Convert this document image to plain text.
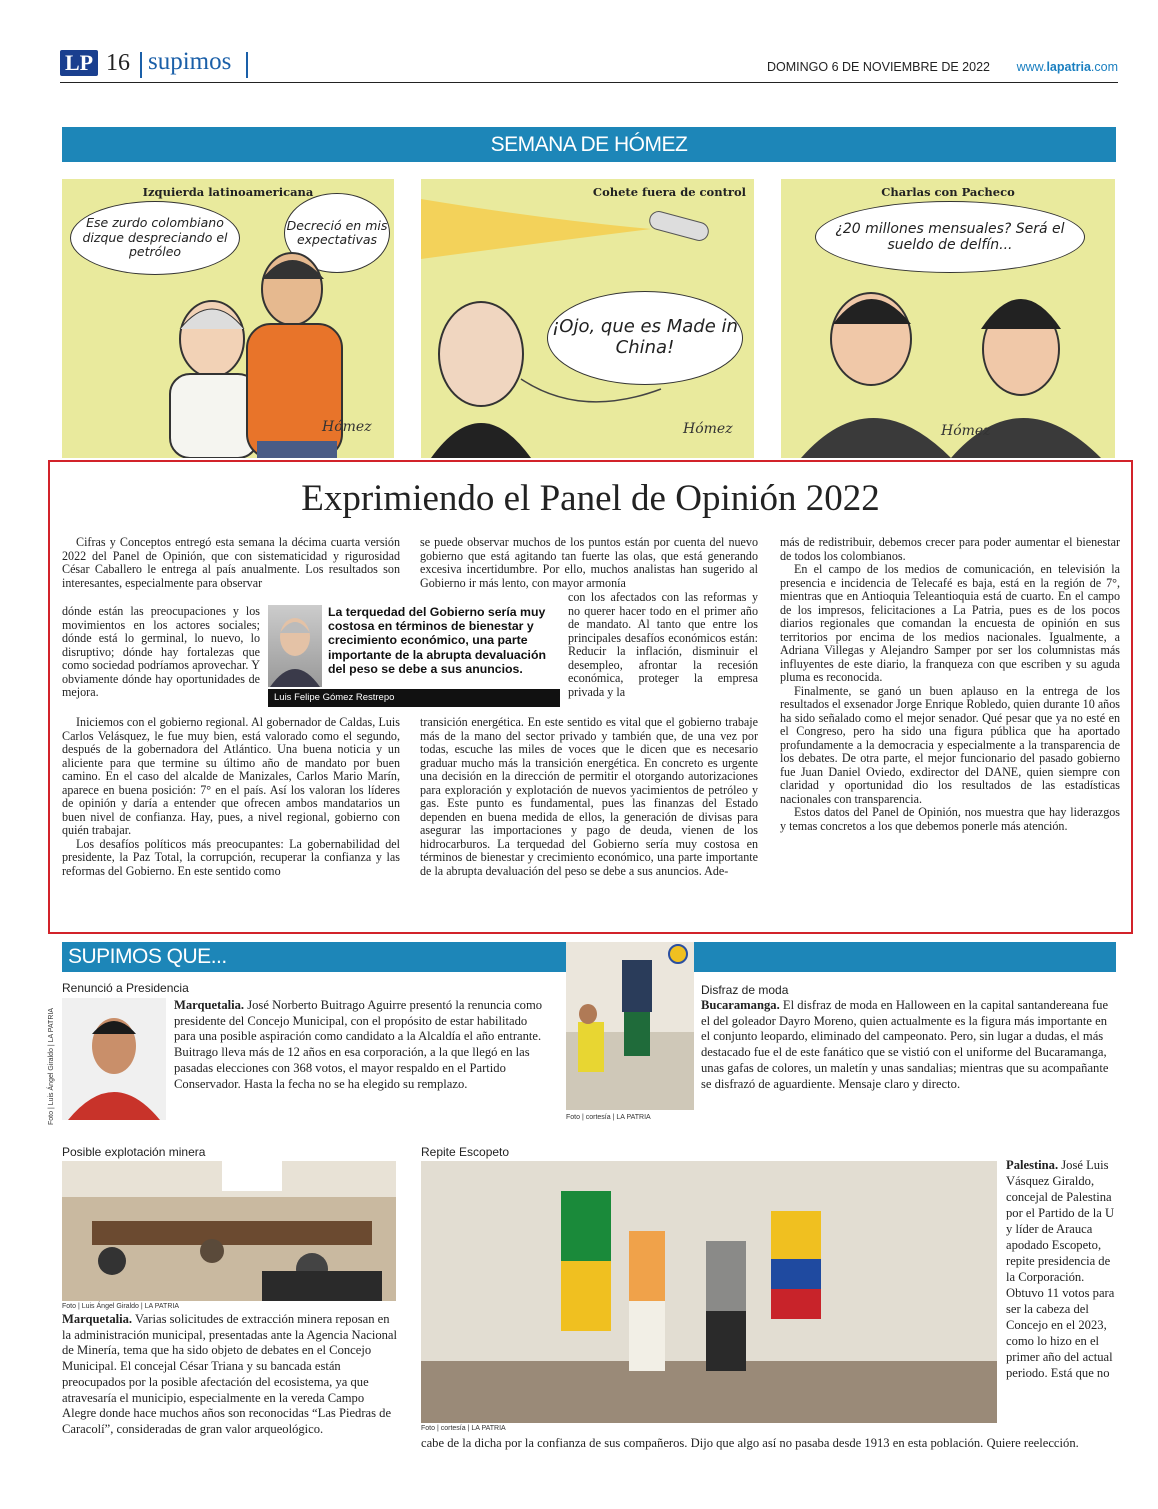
LP 16 supimos	DOMINGO 6 DE NOVIEMBRE DE 2022 www.lapatria.com
SEMANA DE HÓMEZ
Izquierda latinoamericana
Ese zurdo colombiano dizque despreciando el petróleo
Decreció en mis expectativas
Hómez
Cohete fuera de control
¡Ojo, que es Made in China!
Hómez
Charlas con Pacheco
¿20 millones mensuales? Será el sueldo de delfín...
Hómez
Exprimiendo el Panel de Opinión 2022

Cifras y Conceptos entregó esta semana la décima cuarta versión 2022 del Panel de Opinión, que con sistematicidad y rigurosidad César Caballero le entrega al país anualmente. Los resultados son interesantes, especialmente para observar

dónde están las preocupaciones y los movimientos en los actores sociales; dónde está lo germinal, lo nuevo, lo disruptivo; dónde hay fortalezas que como sociedad podríamos aprovechar. Y obviamente dónde hay oportunidades de mejora.

Iniciemos con el gobierno regional. Al gobernador de Caldas, Luis Carlos Velásquez, le fue muy bien, está valorado como el segundo, después de la gobernadora del Atlántico. Una buena noticia y un aliciente para que termine su último año de mandato por buen camino. En el caso del alcalde de Manizales, Carlos Mario Marín, aparece en buena posición: 7° en el país. Así los valoran los líderes de opinión y daría a entender que ofrecen ambos mandatarios un buen nivel de confianza. Hay, pues, a nivel regional, gobierno con quién trabajar.

Los desafíos políticos más preocupantes: La gobernabilidad del presidente, la Paz Total, la corrupción, recuperar la confianza y las reformas del Gobierno. En este sentido como

se puede observar muchos de los puntos están por cuenta del nuevo gobierno que está agitando tan fuerte las olas, que está generando excesiva incertidumbre. Por ello, muchos analistas han sugerido al Gobierno ir más lento, con mayor armonía

con los afectados con las reformas y no querer hacer todo en el primer año de mandato. Al tanto que entre los principales desafíos económicos están: Reducir la inflación, disminuir el desempleo, afrontar la recesión económica, proteger la empresa privada y la

transición energética. En este sentido es vital que el gobierno trabaje más de la mano del sector privado y también que, de una vez por todas, escuche las miles de voces que le dicen que es necesario graduar mucho más la transición energética. En concreto es urgente una decisión en la dirección de permitir el otorgando autorizaciones para exploración y explotación de nuevos yacimientos de petróleo y gas. Este punto es fundamental, pues las finanzas del Estado dependen en buena medida de ellos, la generación de divisas para asegurar las importaciones y pago de deuda, vienen de los hidrocarburos. La terquedad del Gobierno sería muy costosa en términos de bienestar y crecimiento económico, una parte importante de la abrupta devaluación del peso se debe a sus anuncios. Ade-

más de redistribuir, debemos crecer para poder aumentar el bienestar de todos los colombianos.

En el campo de los medios de comunicación, en televisión la presencia e incidencia de Telecafé es baja, está en la región de 7°, mientras que en Antioquia Teleantioquia está de cuarto. En el campo de los impresos, felicitaciones a La Patria, pues es de los pocos diarios regionales que comandan la encuesta de opinión en sus territorios por encima de los medios nacionales. Igualmente, a Adriana Villegas y Alejandro Samper por ser los columnistas más influyentes de este diario, la franqueza con que escriben y su aguda pluma es reconocida.

Finalmente, se ganó un buen aplauso en la entrega de los resultados el exsenador Jorge Enrique Robledo, quien durante 10 años ha sido señalado como el mejor senador. Qué pesar que ya no esté en el Congreso, pero ha sido una figura pública que ha aportado profundamente a la democracia y especialmente a la transparencia de los debates. De otra parte, el mejor funcionario del pasado gobierno fue Juan Daniel Oviedo, exdirector del DANE, quien siempre con claridad y oportunidad dio los resultados de las estadísticas nacionales con transparencia.

Estos datos del Panel de Opinión, nos muestra que hay liderazgos y temas concretos a los que debemos ponerle más atención.

La terquedad del Gobierno sería muy costosa en términos de bienestar y crecimiento económico, una parte importante de la abrupta devaluación del peso se debe a sus anuncios.
Luis Felipe Gómez Restrepo
SUPIMOS QUE...
Renunció a Presidencia
Foto | Luis Ángel Giraldo | LA PATRIA
Marquetalia. José Norberto Buitrago Aguirre presentó la renuncia como presidente del Concejo Municipal, con el propósito de estar habilitado para una posible aspiración como candidato a la Alcaldía el año entrante. Buitrago lleva más de 12 años en esa corporación, a la que llegó en las pasadas elecciones con 368 votos, el mayor respaldo en el Partido Conservador. Hasta la fecha no se ha elegido su remplazo.
Foto | cortesía | LA PATRIA
Disfraz de moda
Bucaramanga. El disfraz de moda en Halloween en la capital santandereana fue el del goleador Dayro Moreno, quien actualmente es la figura más importante en el conjunto leopardo, eliminado del campeonato. Pero, sin lugar a dudas, el más destacado fue el de este fanático que se vistió con el uniforme del Bucaramanga, unas gafas de colores, un maletín y unas sandalias; mientras que su acompañante se disfrazó de aguardiente. Mensaje claro y directo.
Posible explotación minera
Foto | Luis Ángel Giraldo | LA PATRIA
Marquetalia. Varias solicitudes de extracción minera reposan en la administración municipal, presentadas ante la Agencia Nacional de Minería, tema que ha sido objeto de debates en el Concejo Municipal. El concejal César Triana y su bancada están preocupados por la posible afectación del ecosistema, ya que atravesaría el municipio, especialmente en la vereda Campo Alegre donde hace muchos años son reconocidas “Las Piedras de Caracolí”, consideradas de gran valor arqueológico.
Repite Escopeto
Foto | cortesía | LA PATRIA
Palestina. José Luis Vásquez Giraldo, concejal de Palestina por el Partido de la U y líder de Arauca apodado Escopeto, repite presidencia de la Corporación. Obtuvo 11 votos para ser la cabeza del Concejo en el 2023, como lo hizo en el primer año del actual periodo. Está que no
cabe de la dicha por la confianza de sus compañeros. Dijo que algo así no pasaba desde 1913 en esta población. Quiere reelección.
